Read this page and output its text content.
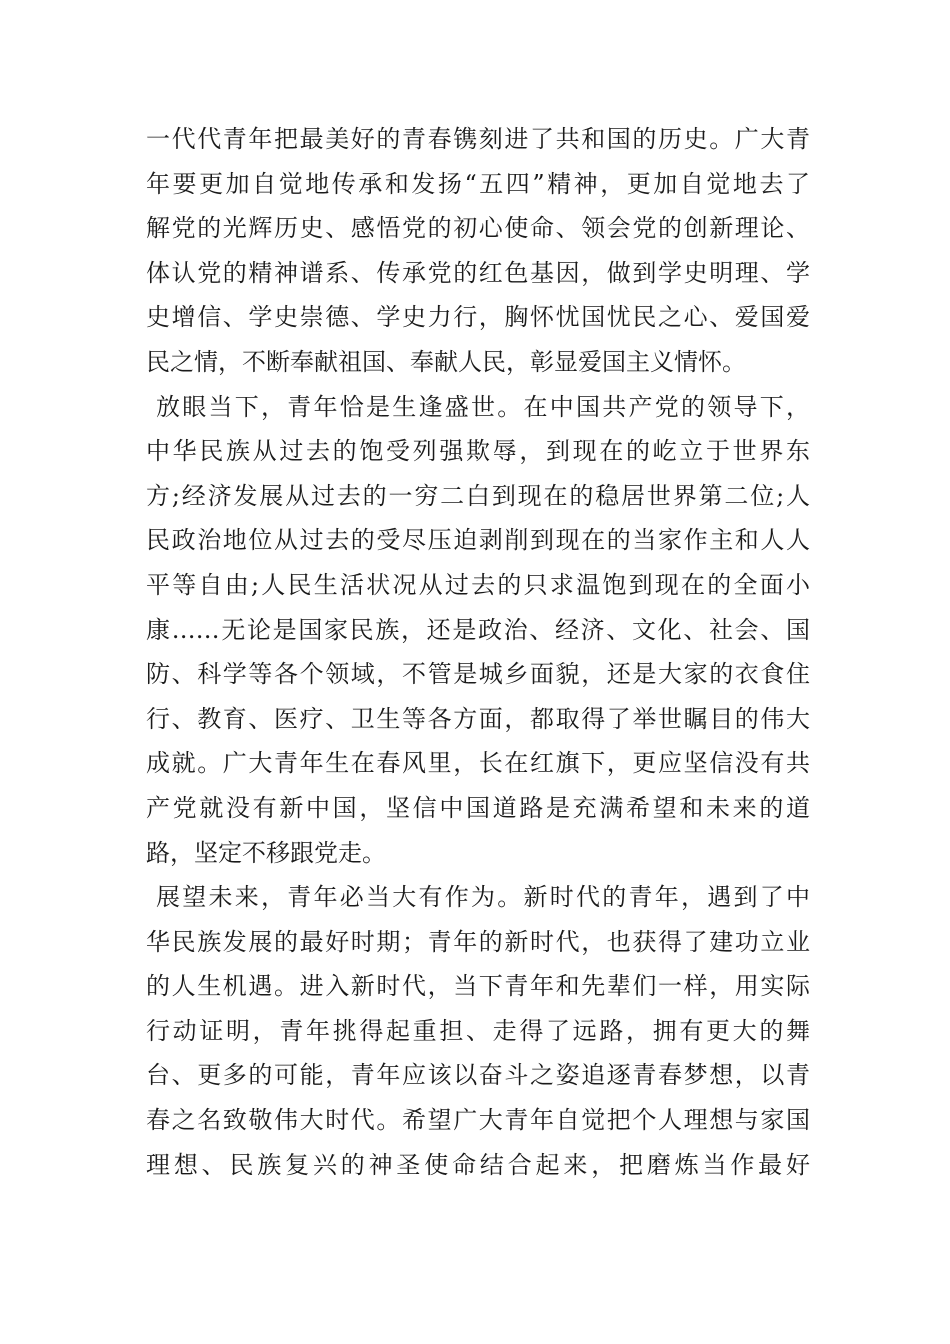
一代代青年把最美好的青春镌刻进了共和国的历史。广大青
年要更加自觉地传承和发扬“五四”精神，更加自觉地去了
解党的光辉历史、感悟党的初心使命、领会党的创新理论、
体认党的精神谱系、传承党的红色基因，做到学史明理、学
史增信、学史崇德、学史力行，胸怀忧国忧民之心、爱国爱
民之情，不断奉献祖国、奉献人民，彰显爱国主义情怀。
放眼当下，青年恰是生逢盛世。在中国共产党的领导下，
中华民族从过去的饱受列强欺辱，到现在的屹立于世界东
方;经济发展从过去的一穷二白到现在的稳居世界第二位;人
民政治地位从过去的受尽压迫剥削到现在的当家作主和人人
平等自由;人民生活状况从过去的只求温饱到现在的全面小
康……无论是国家民族，还是政治、经济、文化、社会、国
防、科学等各个领域，不管是城乡面貌，还是大家的衣食住
行、教育、医疗、卫生等各方面，都取得了举世瞩目的伟大
成就。广大青年生在春风里，长在红旗下，更应坚信没有共
产党就没有新中国，坚信中国道路是充满希望和未来的道
路，坚定不移跟党走。
展望未来，青年必当大有作为。新时代的青年，遇到了中
华民族发展的最好时期；青年的新时代，也获得了建功立业
的人生机遇。进入新时代，当下青年和先辈们一样，用实际
行动证明，青年挑得起重担、走得了远路，拥有更大的舞
台、更多的可能，青年应该以奋斗之姿追逐青春梦想，以青
春之名致敬伟大时代。希望广大青年自觉把个人理想与家国
理想、民族复兴的神圣使命结合起来，把磨炼当作最好
